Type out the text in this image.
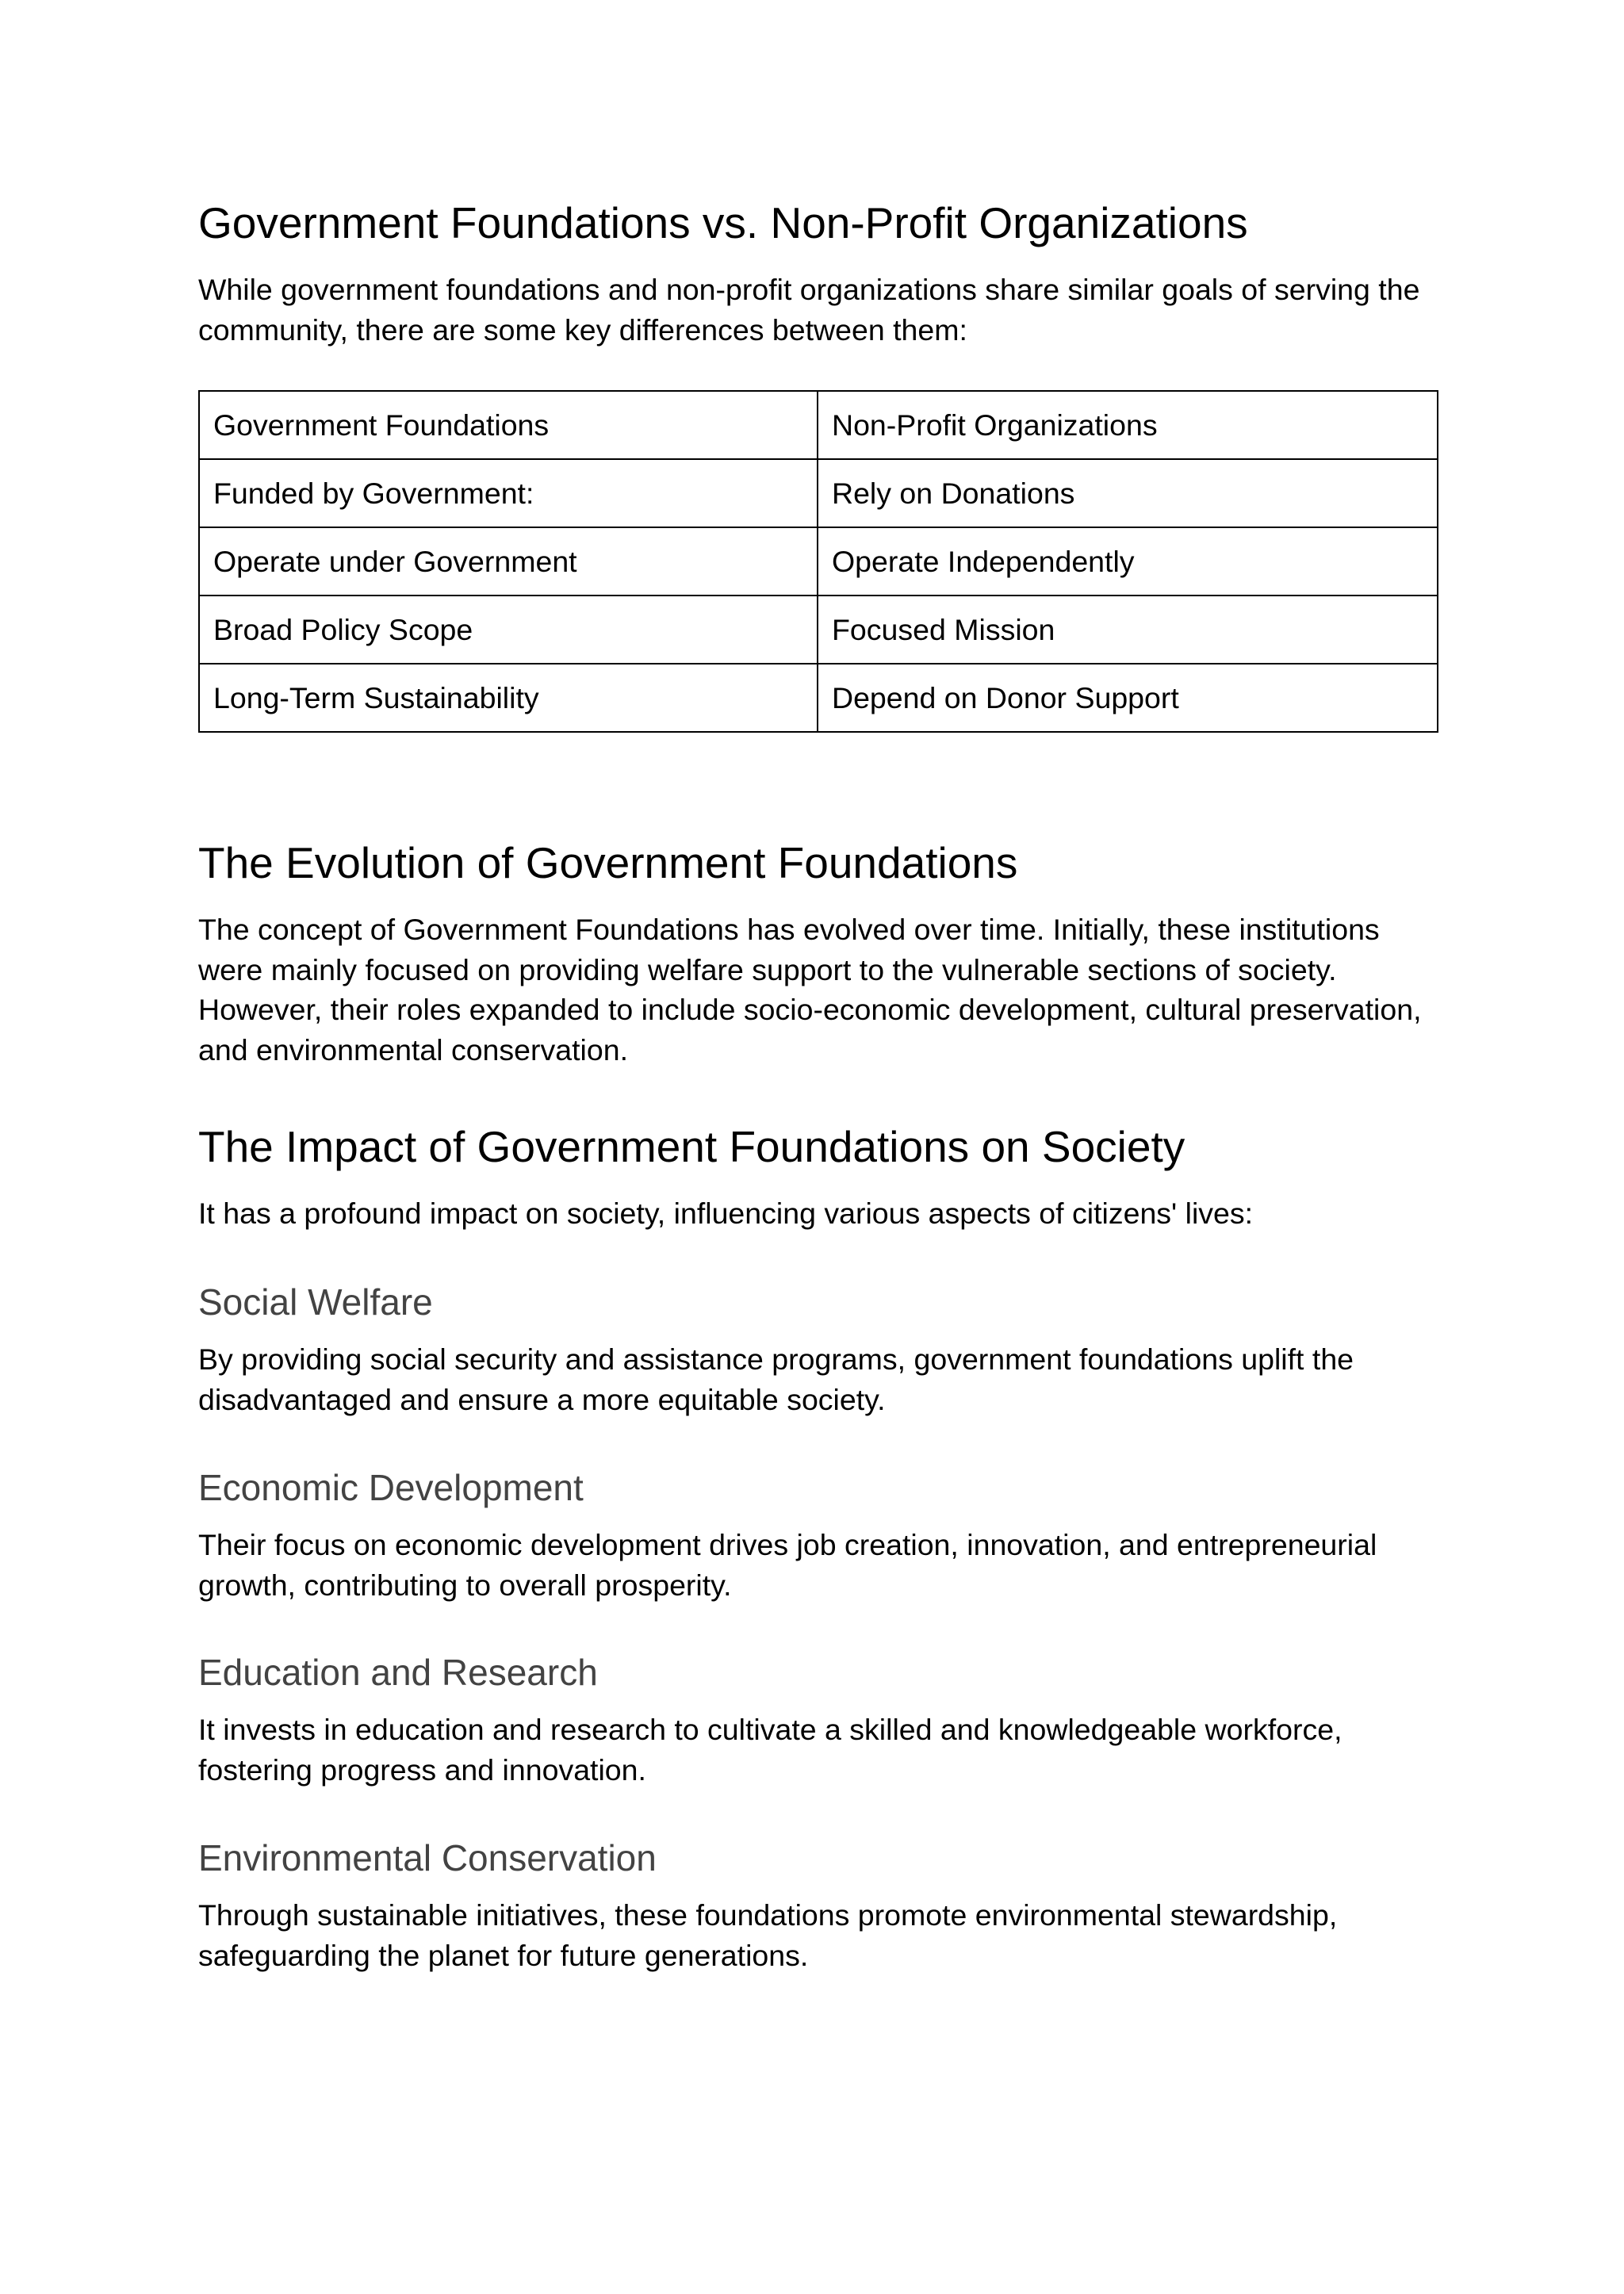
Government Foundations vs. Non-Profit Organizations

While government foundations and non-profit organizations share similar goals of serving the community, there are some key differences between them:

Government Foundations	Non-Profit Organizations
Funded by Government:	Rely on Donations
Operate under Government	Operate Independently
Broad Policy Scope	Focused Mission
Long-Term Sustainability	Depend on Donor Support
The Evolution of Government Foundations

The concept of Government Foundations has evolved over time. Initially, these institutions were mainly focused on providing welfare support to the vulnerable sections of society. However, their roles expanded to include socio-economic development, cultural preservation, and environmental conservation.

The Impact of Government Foundations on Society

It has a profound impact on society, influencing various aspects of citizens' lives:

Social Welfare

By providing social security and assistance programs, government foundations uplift the disadvantaged and ensure a more equitable society.

Economic Development

Their focus on economic development drives job creation, innovation, and entrepreneurial growth, contributing to overall prosperity.

Education and Research

It invests in education and research to cultivate a skilled and knowledgeable workforce, fostering progress and innovation.

Environmental Conservation

Through sustainable initiatives, these foundations promote environmental stewardship, safeguarding the planet for future generations.
